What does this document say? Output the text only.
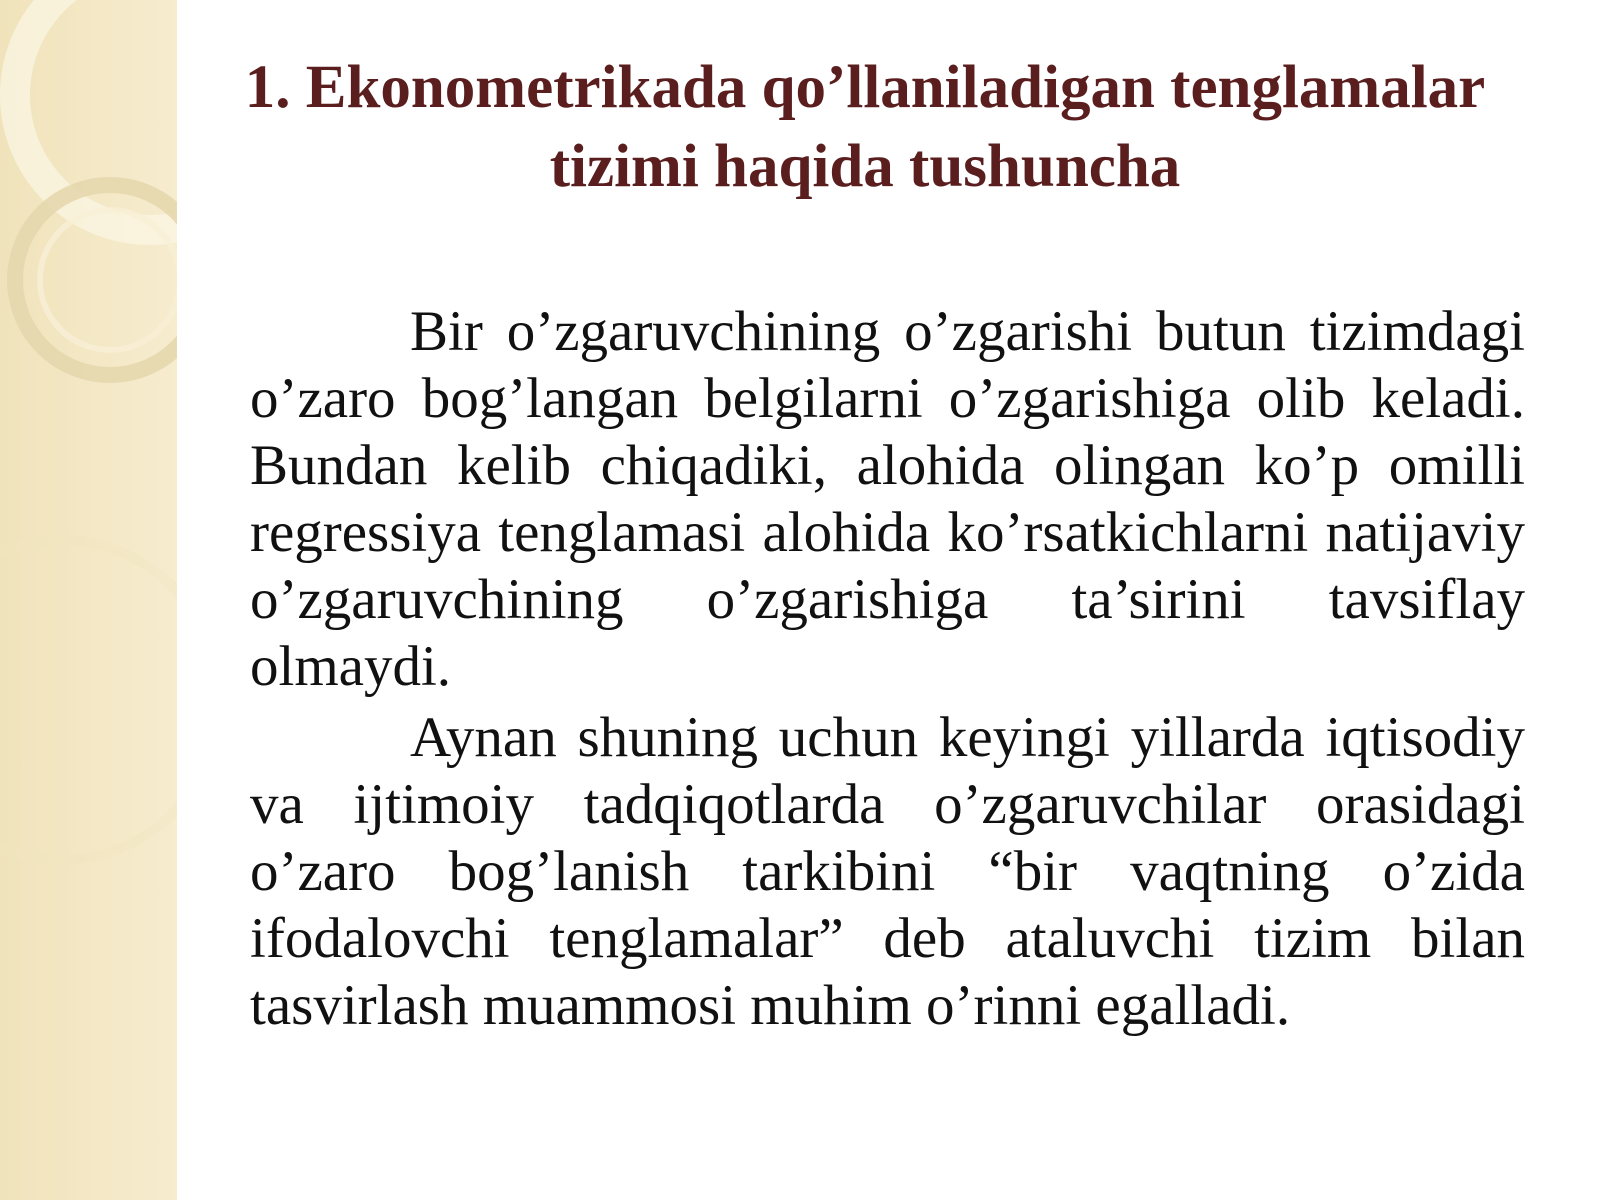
1. Ekonometrikada qo’llaniladigan tenglamalar tizimi haqida tushuncha

Bir o’zgaruvchining o’zgarishi butun tizimdagi o’zaro bog’langan belgilarni o’zgarishiga olib keladi. Bundan kelib chiqadiki, alohida olingan ko’p omilli regressiya tenglamasi alohida ko’rsatkichlarni natijaviy o’zgaruvchining o’zgarishiga ta’sirini tavsiflay olmaydi.

Aynan shuning uchun keyingi yillarda iqtisodiy va ijtimoiy tadqiqotlarda o’zgaruvchilar orasidagi o’zaro bog’lanish tarkibini “bir vaqtning o’zida ifodalovchi tenglamalar” deb ataluvchi tizim bilan tasvirlash muammosi muhim o’rinni egalladi.
